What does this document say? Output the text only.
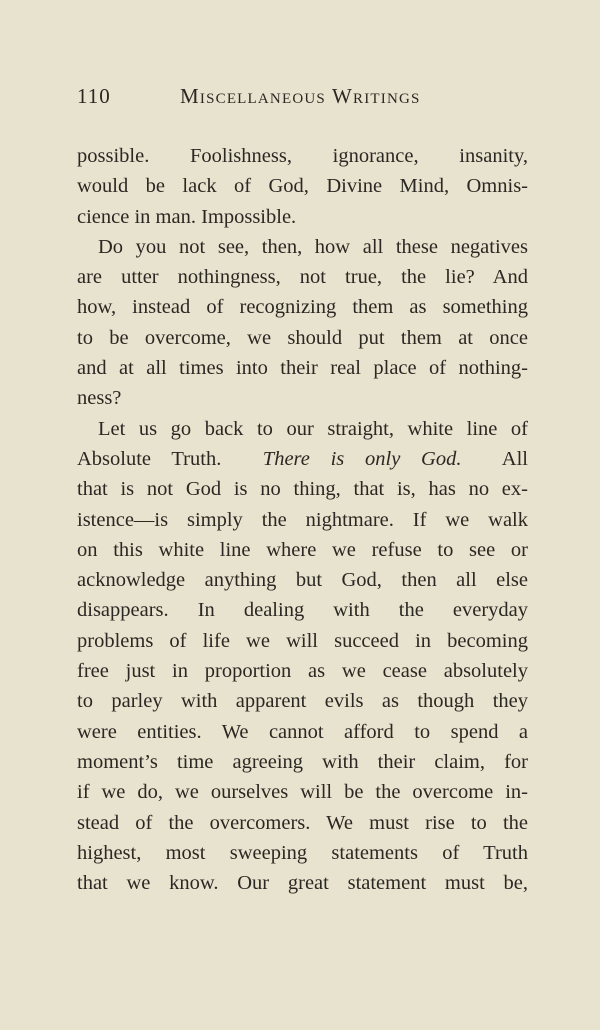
110	Miscellaneous Writings
possible. Foolishness, ignorance, insanity,
would be lack of God, Divine Mind, Omnis-
cience in man. Impossible.
Do you not see, then, how all these negatives
are utter nothingness, not true, the lie? And
how, instead of recognizing them as something
to be overcome, we should put them at once
and at all times into their real place of nothing-
ness?
Let us go back to our straight, white line of
Absolute Truth.  There is only God.  All
that is not God is no thing, that is, has no ex-
istence—is simply the nightmare. If we walk
on this white line where we refuse to see or
acknowledge anything but God, then all else
disappears. In dealing with the everyday
problems of life we will succeed in becoming
free just in proportion as we cease absolutely
to parley with apparent evils as though they
were entities. We cannot afford to spend a
moment’s time agreeing with their claim, for
if we do, we ourselves will be the overcome in-
stead of the overcomers. We must rise to the
highest, most sweeping statements of Truth
that we know. Our great statement must be,
